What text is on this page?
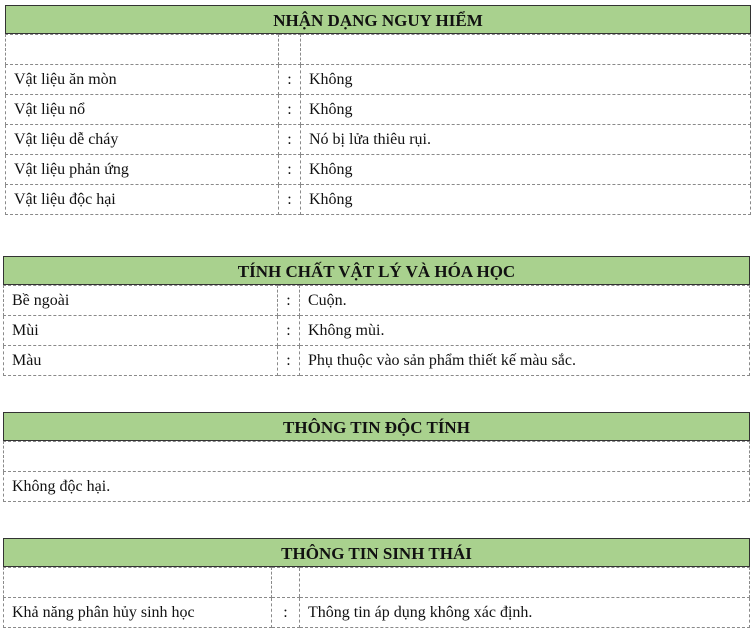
NHẬN DẠNG NGUY HIỂM

Vật liệu ăn mòn	:	Không
Vật liệu nổ	:	Không
Vật liệu dễ cháy	:	Nó bị lửa thiêu rụi.
Vật liệu phản ứng	:	Không
Vật liệu độc hại	:	Không
TÍNH CHẤT VẬT LÝ VÀ HÓA HỌC
Bề ngoài	:	Cuộn.
Mùi	:	Không mùi.
Màu	:	Phụ thuộc vào sản phẩm thiết kế màu sắc.
THÔNG TIN ĐỘC TÍNH

Không độc hại.
THÔNG TIN SINH THÁI

Khả năng phân hủy sinh học	:	Thông tin áp dụng không xác định.
